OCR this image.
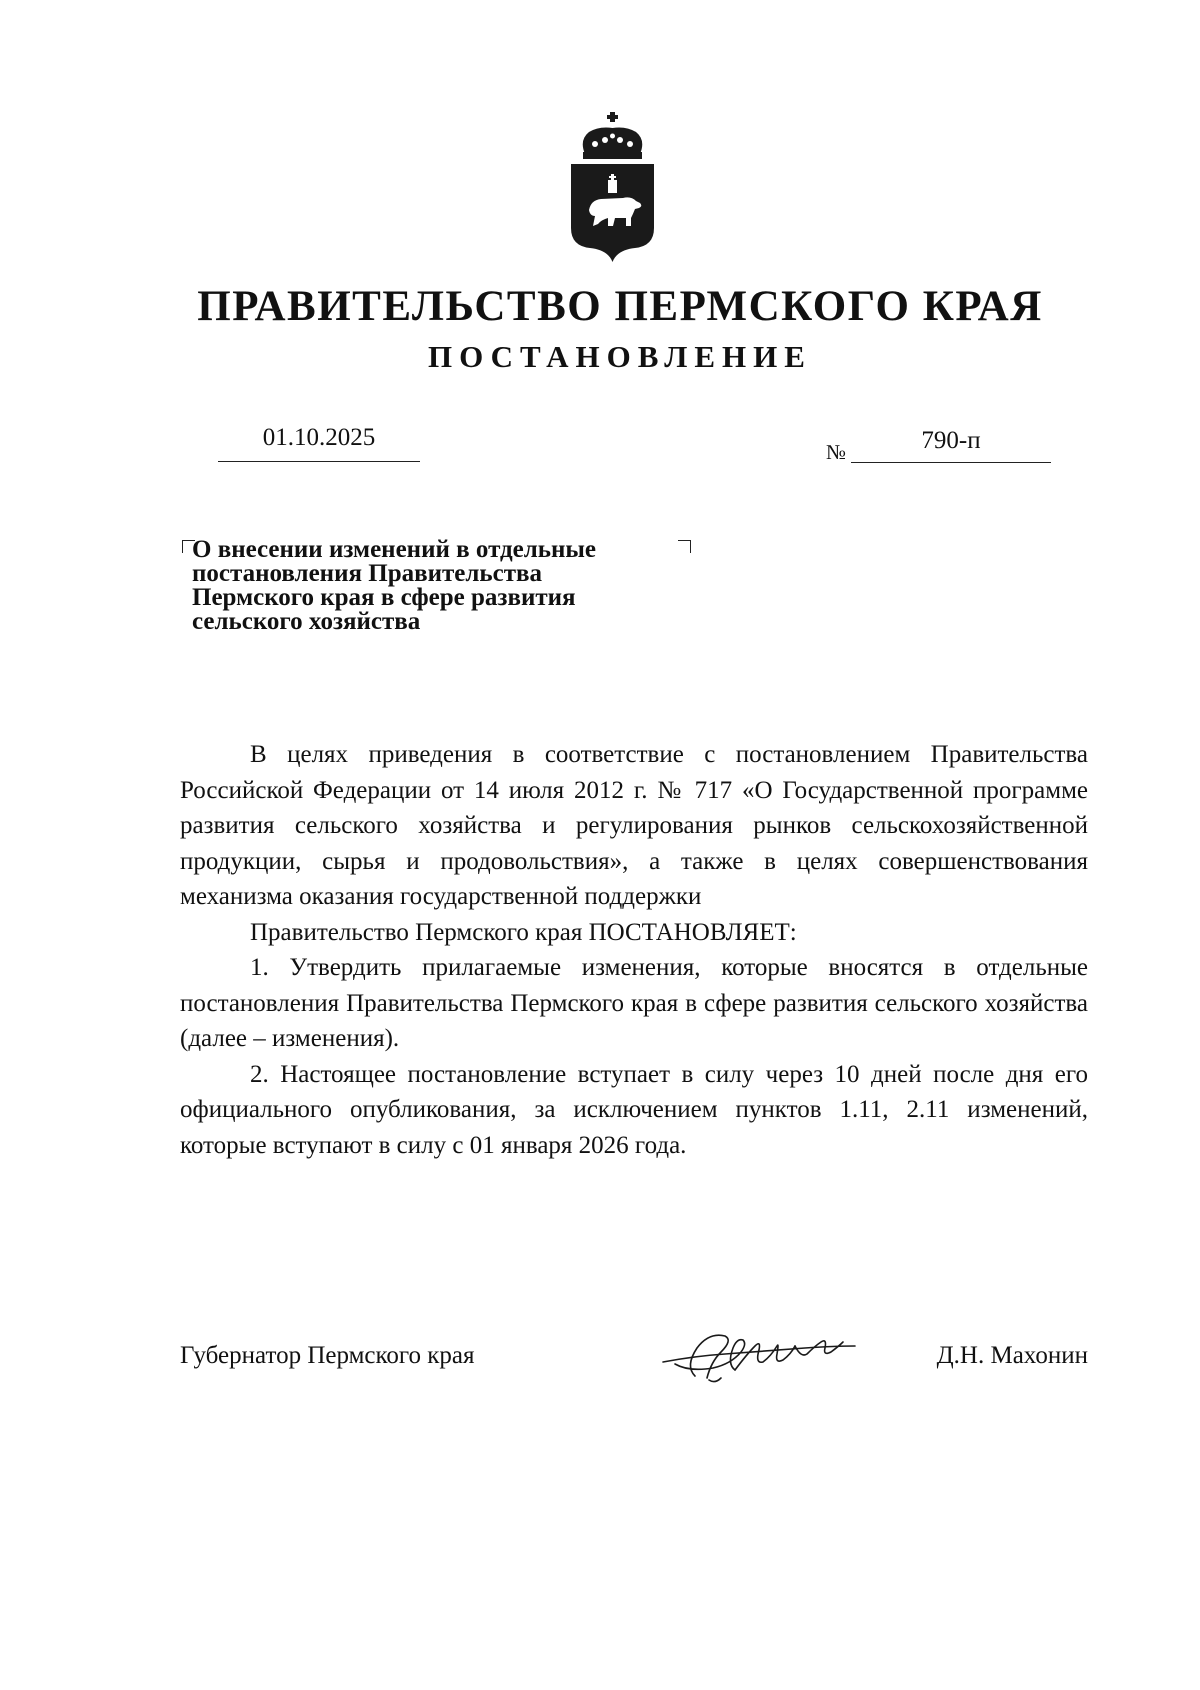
ПРАВИТЕЛЬСТВО ПЕРМСКОГО КРАЯ
ПОСТАНОВЛЕНИЕ
01.10.2025
№	790-п
О внесении изменений в отдельные
постановления Правительства
Пермского края в сфере развития
сельского хозяйства

В целях приведения в соответствие с постановлением Правительства Российской Федерации от 14 июля 2012 г. № 717 «О Государственной программе развития сельского хозяйства и регулирования рынков сельскохозяйственной продукции, сырья и продовольствия», а также в целях совершенствования механизма оказания государственной поддержки

Правительство Пермского края ПОСТАНОВЛЯЕТ:

1. Утвердить прилагаемые изменения, которые вносятся в отдельные постановления Правительства Пермского края в сфере развития сельского хозяйства (далее – изменения).

2. Настоящее постановление вступает в силу через 10 дней после дня его официального опубликования, за исключением пунктов 1.11, 2.11 изменений, которые вступают в силу с 01 января 2026 года.

Губернатор Пермского края	Д.Н. Махонин
